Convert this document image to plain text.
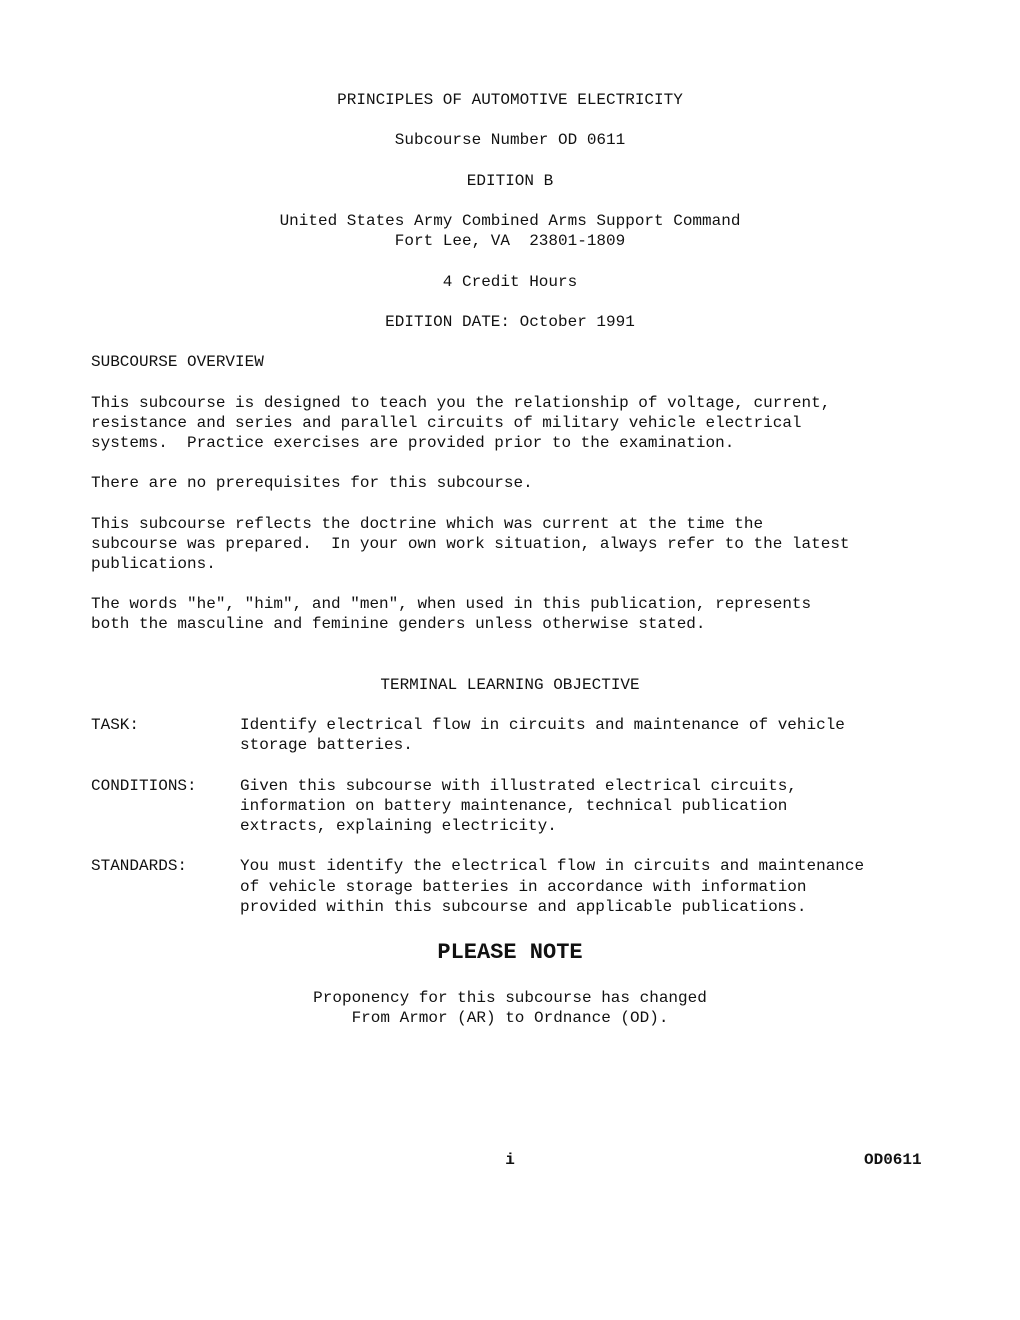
PRINCIPLES OF AUTOMOTIVE ELECTRICITY
Subcourse Number OD 0611
EDITION B
United States Army Combined Arms Support Command
Fort Lee, VA  23801-1809
4 Credit Hours
EDITION DATE: October 1991
SUBCOURSE OVERVIEW
This subcourse is designed to teach you the relationship of voltage, current,
resistance and series and parallel circuits of military vehicle electrical
systems.  Practice exercises are provided prior to the examination.
There are no prerequisites for this subcourse.
This subcourse reflects the doctrine which was current at the time the
subcourse was prepared.  In your own work situation, always refer to the latest
publications.
The words "he", "him", and "men", when used in this publication, represents
both the masculine and feminine genders unless otherwise stated.
TERMINAL LEARNING OBJECTIVE
TASK:	Identify electrical flow in circuits and maintenance of vehicle
storage batteries.
CONDITIONS:	Given this subcourse with illustrated electrical circuits,
information on battery maintenance, technical publication
extracts, explaining electricity.
STANDARDS:	You must identify the electrical flow in circuits and maintenance
of vehicle storage batteries in accordance with information
provided within this subcourse and applicable publications.
PLEASE NOTE
Proponency for this subcourse has changed
From Armor (AR) to Ordnance (OD).
i	OD0611
